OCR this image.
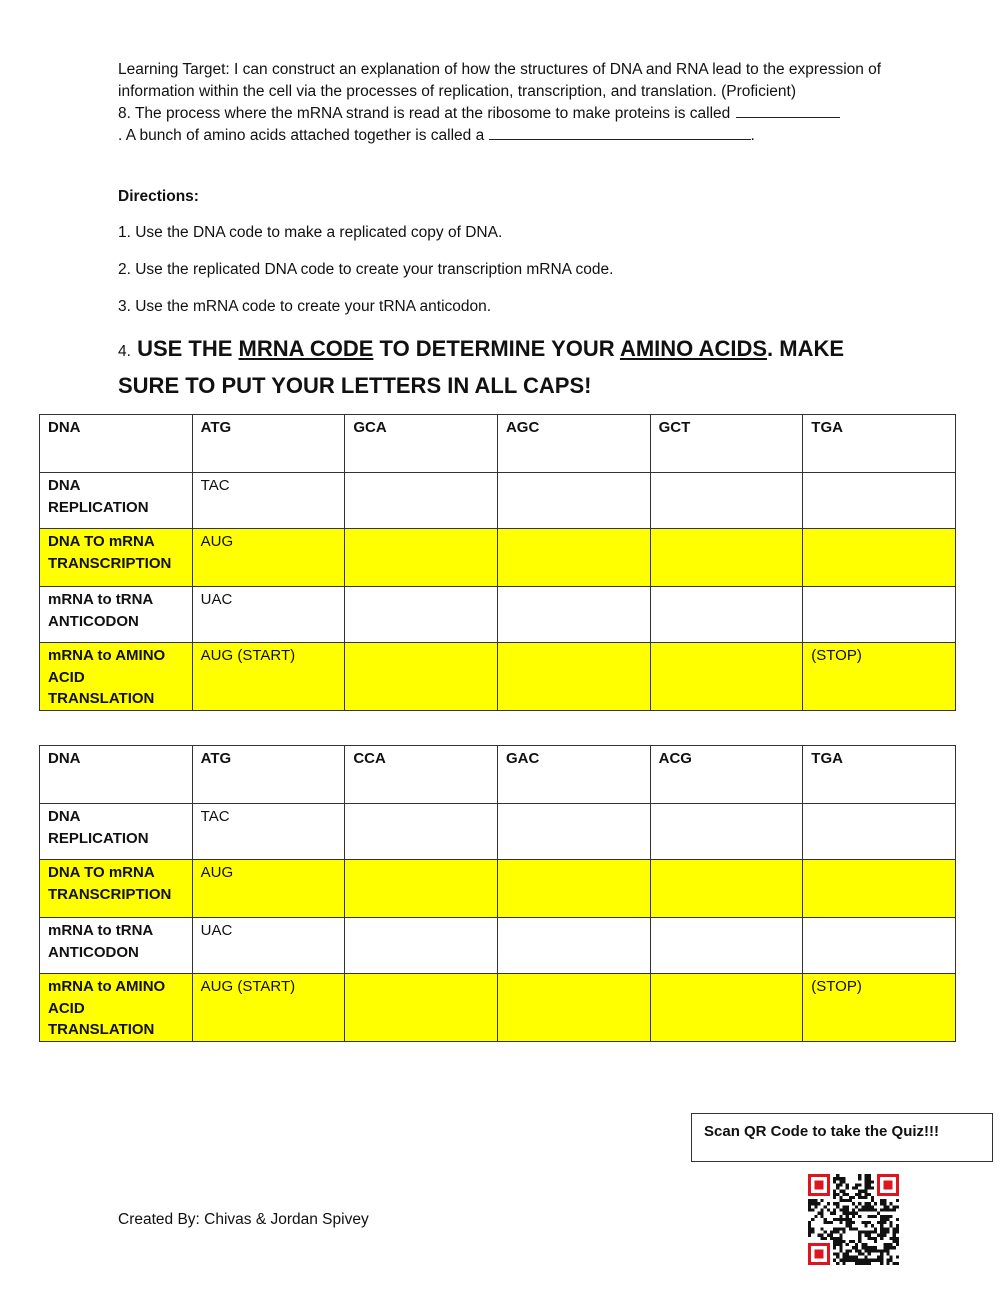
Learning Target: I can construct an explanation of how the structures of DNA and RNA lead to the expression of information within the cell via the processes of replication, transcription, and translation. (Proficient)
8. The process where the mRNA strand is read at the ribosome to make proteins is called
. A bunch of amino acids attached together is called a	.

Directions:

1. Use the DNA code to make a replicated copy of DNA.

2. Use the replicated DNA code to create your transcription mRNA code.

3. Use the mRNA code to create your tRNA anticodon.

4. USE THE MRNA CODE TO DETERMINE YOUR AMINO ACIDS. MAKE SURE TO PUT YOUR LETTERS IN ALL CAPS!

DNA	ATG	GCA	AGC	GCT	TGA
DNA REPLICATION	TAC				
DNA TO mRNA TRANSCRIPTION	AUG				
mRNA to tRNA ANTICODON	UAC				
mRNA to AMINO ACID TRANSLATION	AUG (START)				(STOP)
DNA	ATG	CCA	GAC	ACG	TGA
DNA REPLICATION	TAC				
DNA TO mRNA TRANSCRIPTION	AUG				
mRNA to tRNA ANTICODON	UAC				
mRNA to AMINO ACID TRANSLATION	AUG (START)				(STOP)
Scan QR Code to take the Quiz!!!
Created By: Chivas & Jordan Spivey
